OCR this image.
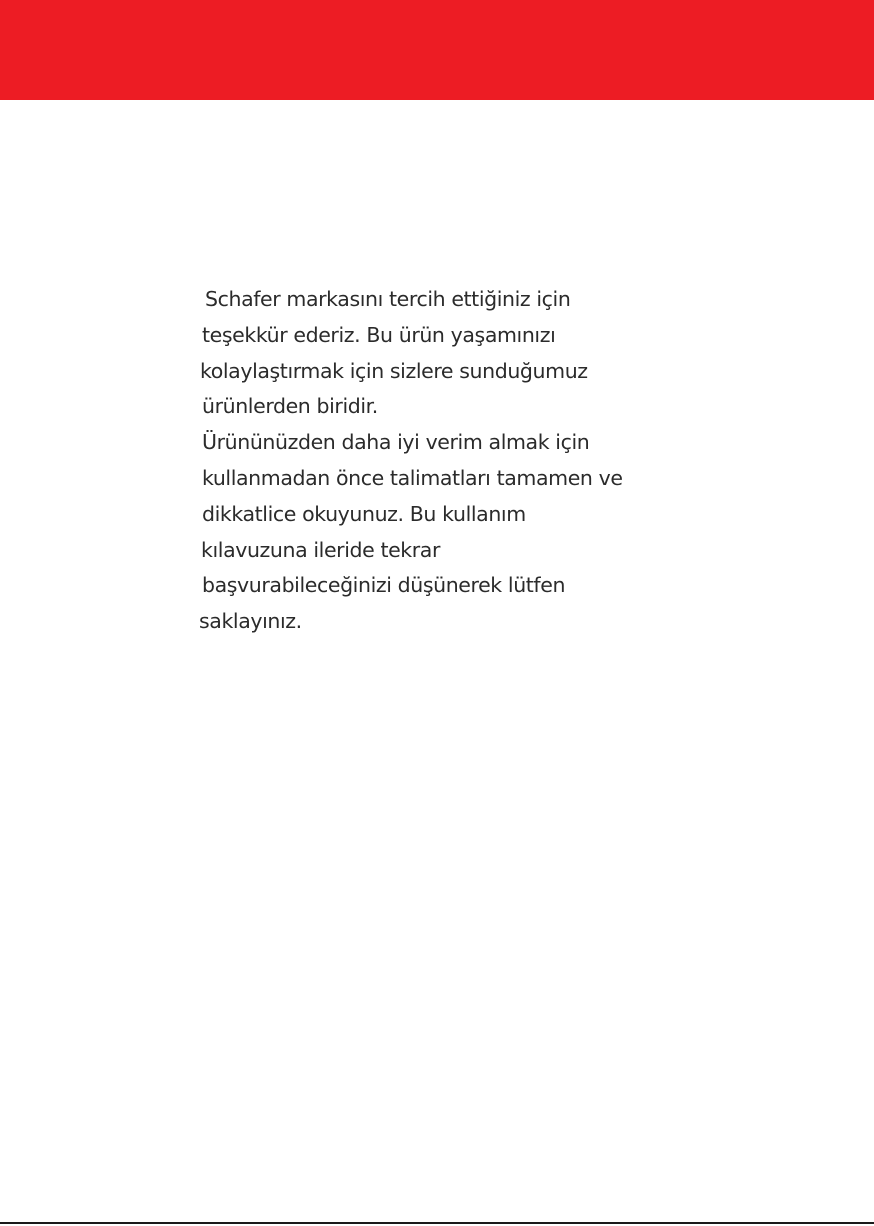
Schafer markasını tercih ettiğiniz için
teşekkür ederiz. Bu ürün yaşamınızı
kolaylaştırmak için sizlere sunduğumuz
ürünlerden biridir.
Ürününüzden daha iyi verim almak için
kullanmadan önce talimatları tamamen ve
dikkatlice okuyunuz. Bu kullanım
kılavuzuna ileride tekrar
başvurabileceğinizi düşünerek lütfen
saklayınız.
